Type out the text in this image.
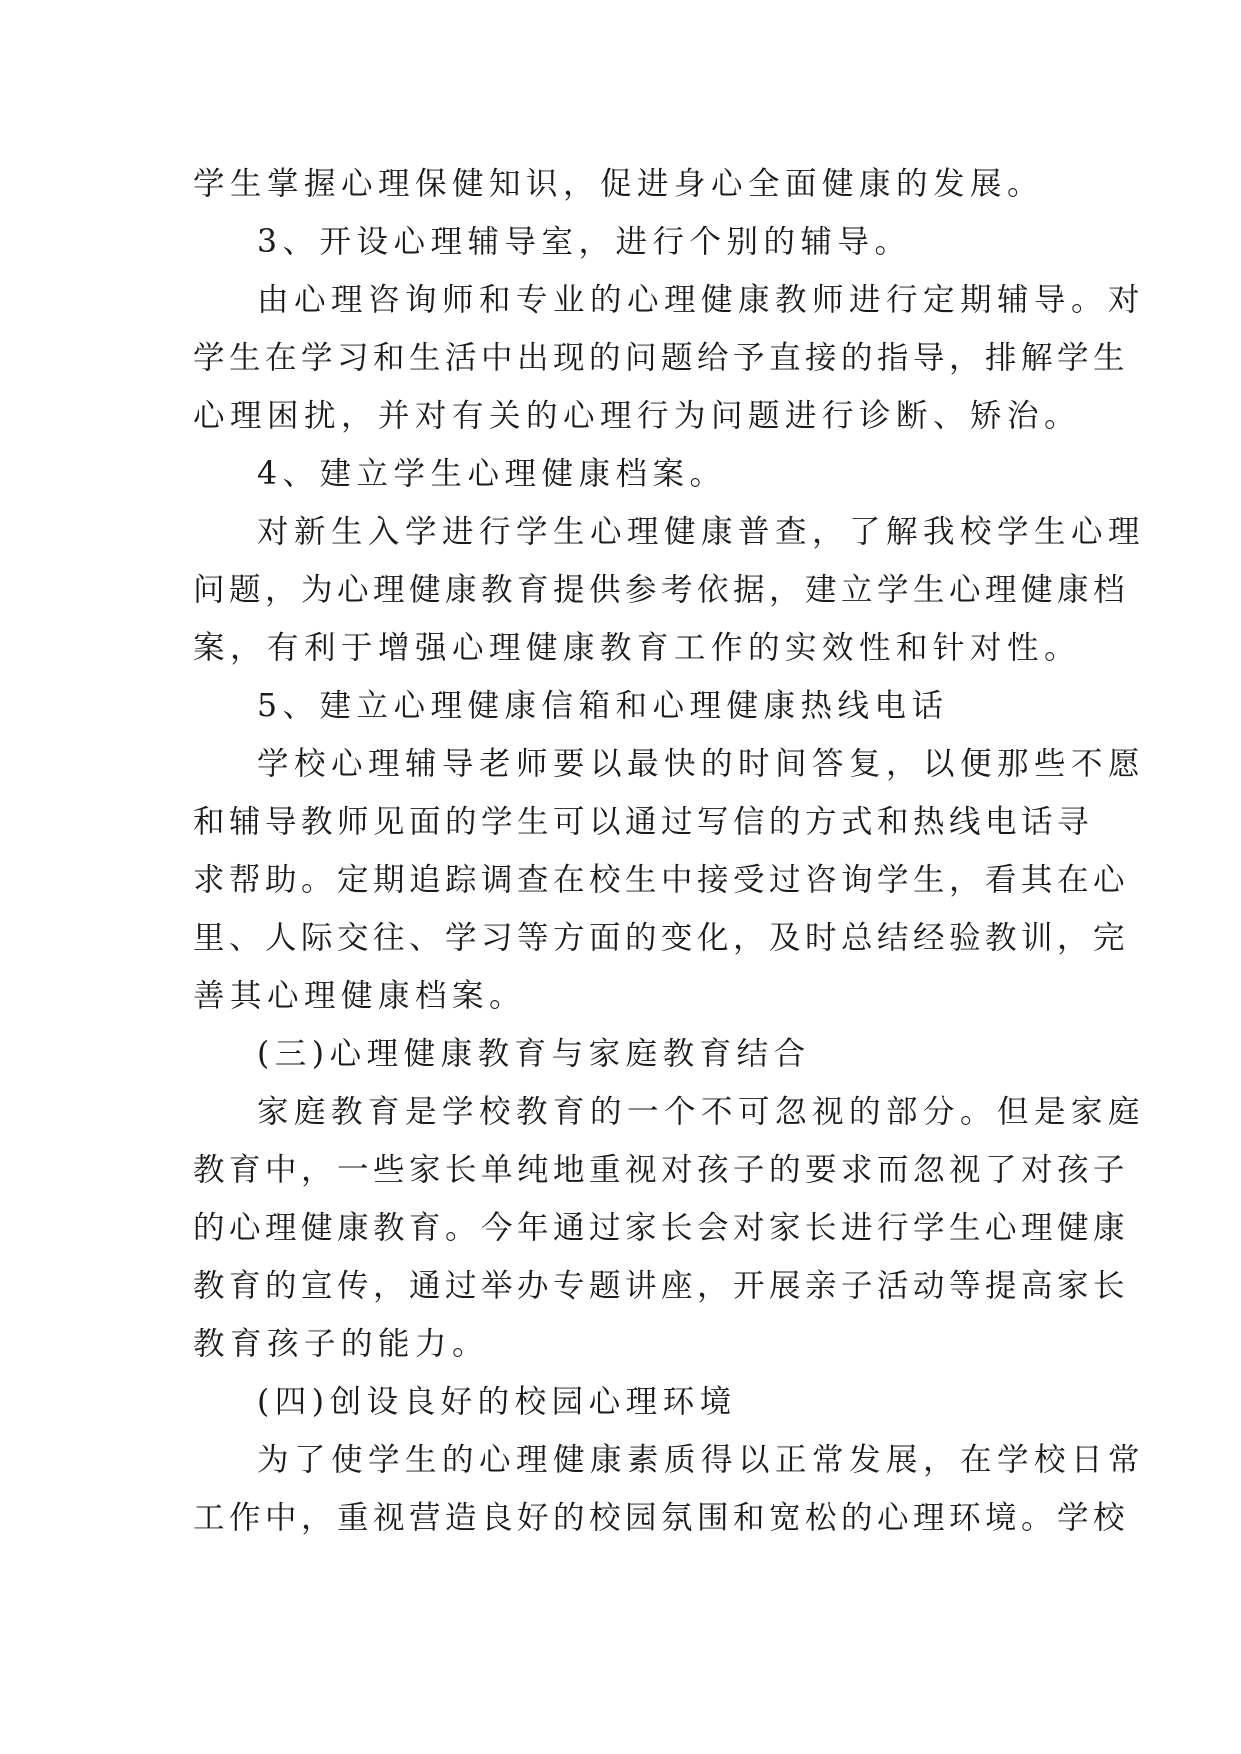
学生掌握心理保健知识，促进身心全面健康的发展。
3、开设心理辅导室，进行个别的辅导。
由心理咨询师和专业的心理健康教师进行定期辅导。对
学生在学习和生活中出现的问题给予直接的指导，排解学生
心理困扰，并对有关的心理行为问题进行诊断、矫治。
4、建立学生心理健康档案。
对新生入学进行学生心理健康普查，了解我校学生心理
问题，为心理健康教育提供参考依据，建立学生心理健康档
案，有利于增强心理健康教育工作的实效性和针对性。
5、建立心理健康信箱和心理健康热线电话
学校心理辅导老师要以最快的时间答复，以便那些不愿
和辅导教师见面的学生可以通过写信的方式和热线电话寻
求帮助。定期追踪调查在校生中接受过咨询学生，看其在心
里、人际交往、学习等方面的变化，及时总结经验教训，完
善其心理健康档案。
(三)心理健康教育与家庭教育结合
家庭教育是学校教育的一个不可忽视的部分。但是家庭
教育中，一些家长单纯地重视对孩子的要求而忽视了对孩子
的心理健康教育。今年通过家长会对家长进行学生心理健康
教育的宣传，通过举办专题讲座，开展亲子活动等提高家长
教育孩子的能力。
(四)创设良好的校园心理环境
为了使学生的心理健康素质得以正常发展，在学校日常
工作中，重视营造良好的校园氛围和宽松的心理环境。学校
